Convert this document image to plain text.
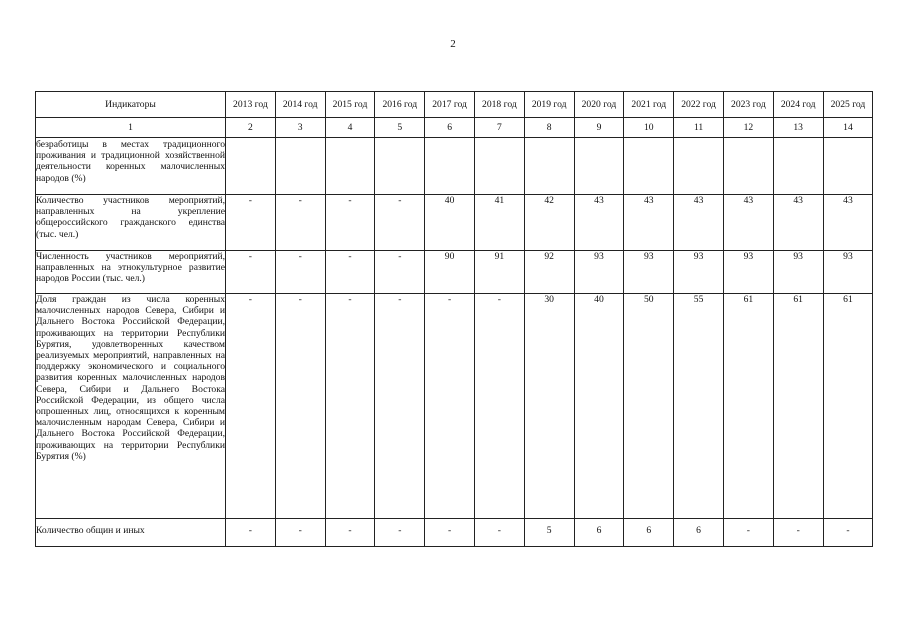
2
Индикаторы	2013 год	2014 год	2015 год	2016 год	2017 год	2018 год	2019 год	2020 год	2021 год	2022 год	2023 год	2024 год	2025 год
1	2	3	4	5	6	7	8	9	10	11	12	13	14
безработицы в местах традиционного проживания и традиционной хозяйственной деятельности коренных малочисленных народов (%)													
Количество участников мероприятий, направленных на укрепление общероссийского гражданского единства (тыс. чел.)	-	-	-	-	40	41	42	43	43	43	43	43	43
Численность участников мероприятий, направленных на этнокультурное развитие народов России (тыс. чел.)	-	-	-	-	90	91	92	93	93	93	93	93	93
Доля граждан из числа коренных малочисленных народов Севера, Сибири и Дальнего Востока Российской Федерации, проживающих на территории Республики Бурятия, удовлетворенных качеством реализуемых мероприятий, направленных на поддержку экономического и социального развития коренных малочисленных народов Севера, Сибири и Дальнего Востока Российской Федерации, из общего числа опрошенных лиц, относящихся к коренным малочисленным народам Севера, Сибири и Дальнего Востока Российской Федерации, проживающих на территории Республики Бурятия (%)	-	-	-	-	-	-	30	40	50	55	61	61	61
Количество общин и иных	-	-	-	-	-	-	5	6	6	6	-	-	-
